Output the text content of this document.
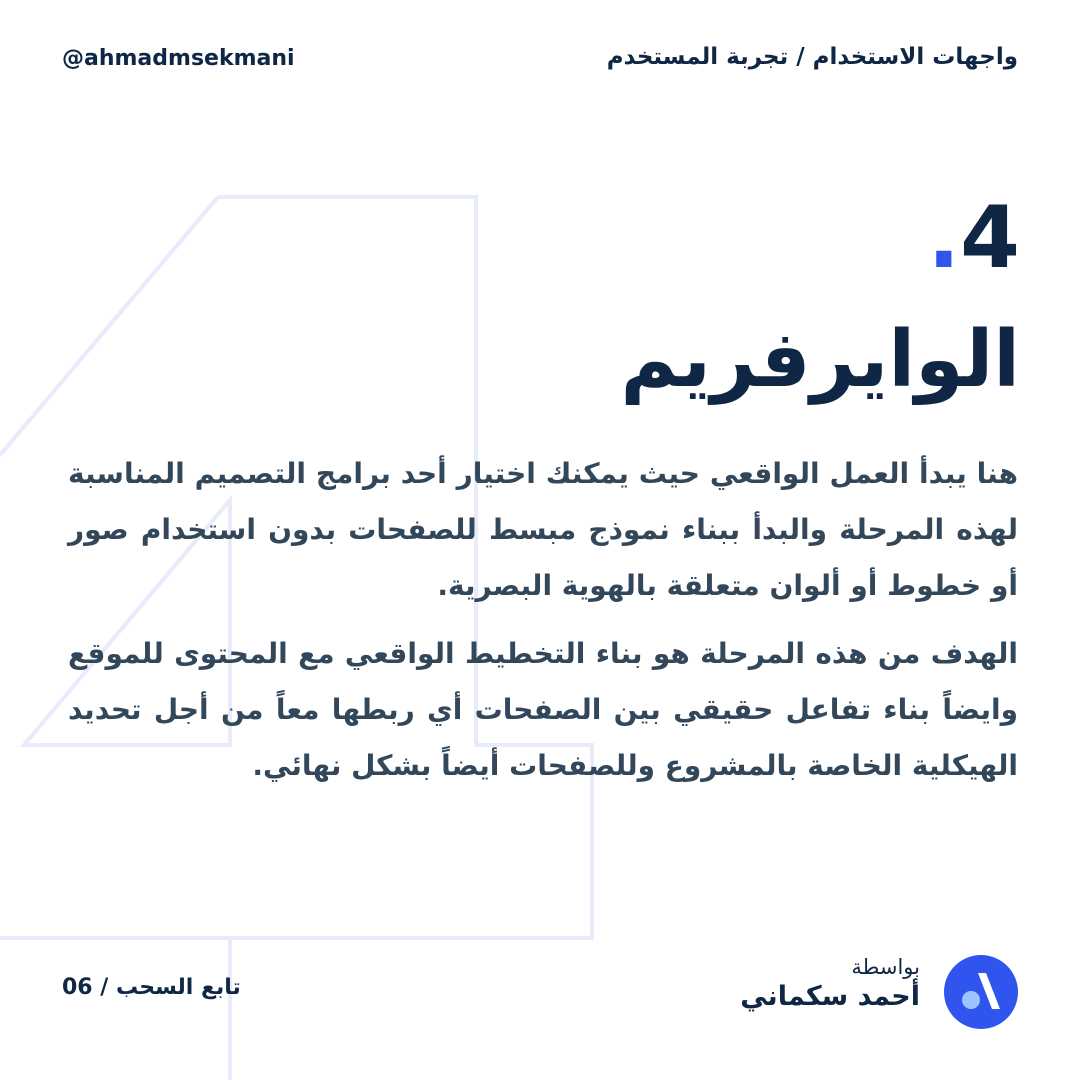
واجهات الاستخدام / تجربة المستخدم
@ahmadmsekmani
.4
الوايرفريم

هنا يبدأ العمل الواقعي حيث يمكنك اختيار أحد برامج التصميم المناسبة لهذه المرحلة والبدأ ببناء نموذج مبسط للصفحات بدون استخدام صور أو خطوط أو ألوان متعلقة بالهوية البصرية.

الهدف من هذه المرحلة هو بناء التخطيط الواقعي مع المحتوى للموقع وايضاً بناء تفاعل حقيقي بين الصفحات أي ربطها معاً من أجل تحديد الهيكلية الخاصة بالمشروع وللصفحات أيضاً بشكل نهائي.

تابع السحب / 06
بواسطة
أحمد سكماني
